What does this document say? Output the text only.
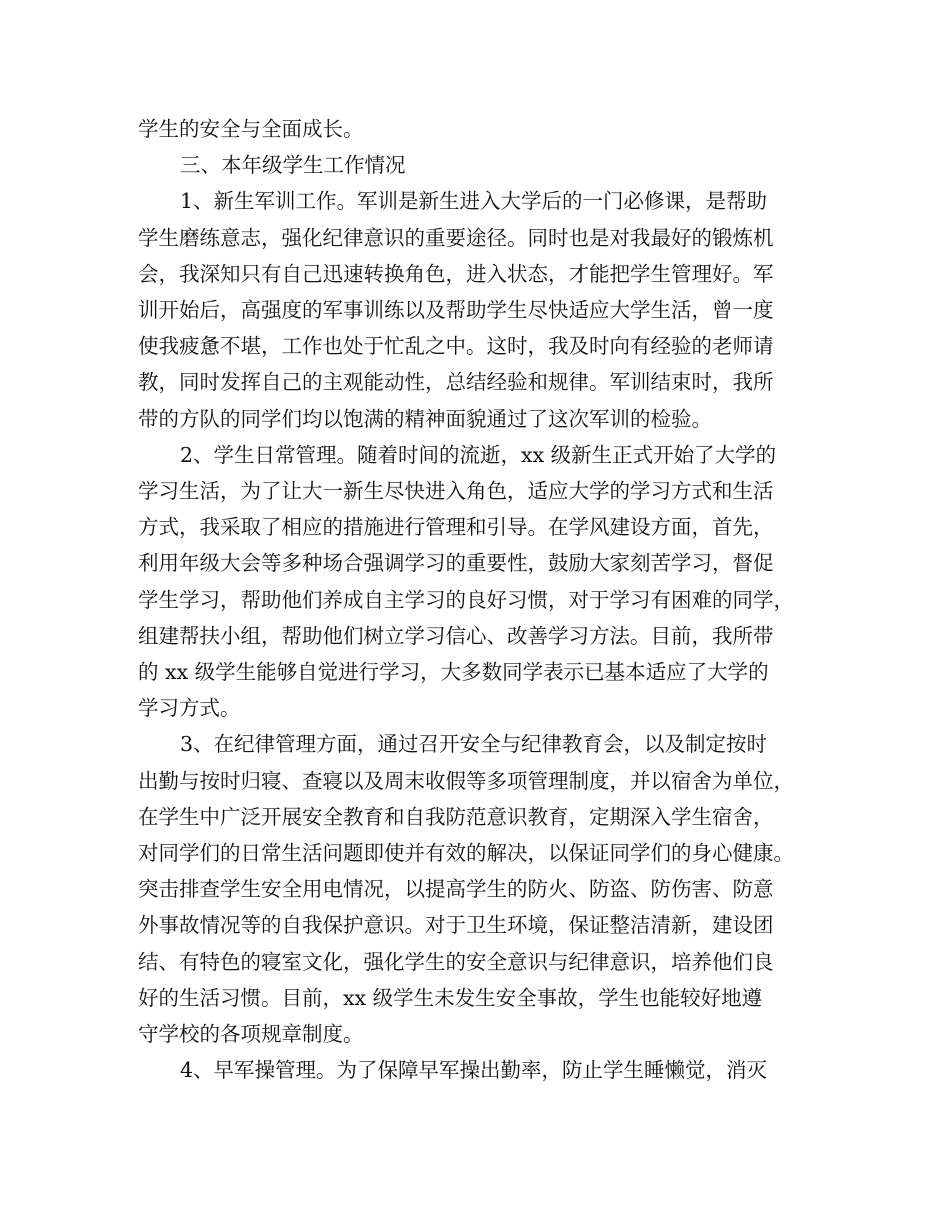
学生的安全与全面成长。
三、本年级学生工作情况
1、新生军训工作。军训是新生进入大学后的一门必修课，是帮助
学生磨练意志，强化纪律意识的重要途径。同时也是对我最好的锻炼机
会，我深知只有自己迅速转换角色，进入状态，才能把学生管理好。军
训开始后，高强度的军事训练以及帮助学生尽快适应大学生活，曾一度
使我疲惫不堪，工作也处于忙乱之中。这时，我及时向有经验的老师请
教，同时发挥自己的主观能动性，总结经验和规律。军训结束时，我所
带的方队的同学们均以饱满的精神面貌通过了这次军训的检验。
2、学生日常管理。随着时间的流逝，xx 级新生正式开始了大学的
学习生活，为了让大一新生尽快进入角色，适应大学的学习方式和生活
方式，我采取了相应的措施进行管理和引导。在学风建设方面，首先，
利用年级大会等多种场合强调学习的重要性，鼓励大家刻苦学习，督促
学生学习，帮助他们养成自主学习的良好习惯，对于学习有困难的同学，
组建帮扶小组，帮助他们树立学习信心、改善学习方法。目前，我所带
的 xx 级学生能够自觉进行学习，大多数同学表示已基本适应了大学的
学习方式。
3、在纪律管理方面，通过召开安全与纪律教育会，以及制定按时
出勤与按时归寝、查寝以及周末收假等多项管理制度，并以宿舍为单位，
在学生中广泛开展安全教育和自我防范意识教育，定期深入学生宿舍，
对同学们的日常生活问题即使并有效的解决，以保证同学们的身心健康。
突击排查学生安全用电情况，以提高学生的防火、防盗、防伤害、防意
外事故情况等的自我保护意识。对于卫生环境，保证整洁清新，建设团
结、有特色的寝室文化，强化学生的安全意识与纪律意识，培养他们良
好的生活习惯。目前，xx 级学生未发生安全事故，学生也能较好地遵
守学校的各项规章制度。
4、早军操管理。为了保障早军操出勤率，防止学生睡懒觉，消灭
